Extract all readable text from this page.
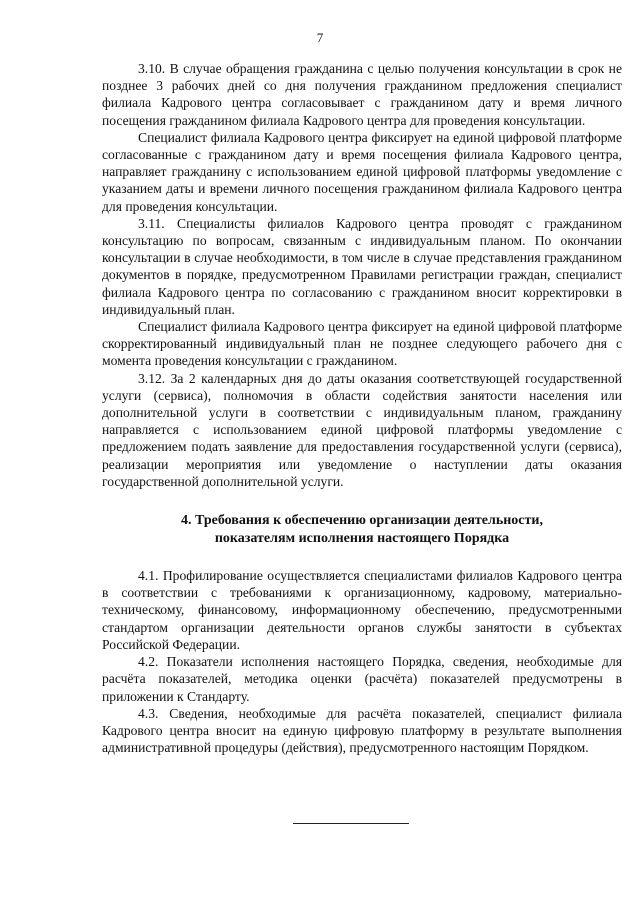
7

3.10. В случае обращения гражданина с целью получения консультации в срок не позднее 3 рабочих дней со дня получения гражданином предложения специалист филиала Кадрового центра согласовывает с гражданином дату и время личного посещения гражданином филиала Кадрового центра для проведения консультации.

Специалист филиала Кадрового центра фиксирует на единой цифровой платформе согласованные с гражданином дату и время посещения филиала Кадрового центра, направляет гражданину с использованием единой цифровой платформы уведомление с указанием даты и времени личного посещения гражданином филиала Кадрового центра для проведения консультации.

3.11. Специалисты филиалов Кадрового центра проводят с гражданином консультацию по вопросам, связанным с индивидуальным планом. По окончании консультации в случае необходимости, в том числе в случае представления гражданином документов в порядке, предусмотренном Правилами регистрации граждан, специалист филиала Кадрового центра по согласованию с гражданином вносит корректировки в индивидуальный план.

Специалист филиала Кадрового центра фиксирует на единой цифровой платформе скорректированный индивидуальный план не позднее следующего рабочего дня с момента проведения консультации с гражданином.

3.12. За 2 календарных дня до даты оказания соответствующей государственной услуги (сервиса), полномочия в области содействия занятости населения или дополнительной услуги в соответствии с индивидуальным планом, гражданину направляется с использованием единой цифровой платформы уведомление с предложением подать заявление для предоставления государственной услуги (сервиса), реализации мероприятия или уведомление о наступлении даты оказания государственной дополнительной услуги.

4. Требования к обеспечению организации деятельности,
показателям исполнения настоящего Порядка

4.1. Профилирование осуществляется специалистами филиалов Кадрового центра в соответствии с требованиями к организационному, кадровому, материально-техническому, финансовому, информационному обеспечению, предусмотренными стандартом организации деятельности органов службы занятости в субъектах Российской Федерации.

4.2. Показатели исполнения настоящего Порядка, сведения, необходимые для расчёта показателей, методика оценки (расчёта) показателей предусмотрены в приложении к Стандарту.

4.3. Сведения, необходимые для расчёта показателей, специалист филиала Кадрового центра вносит на единую цифровую платформу в результате выполнения административной процедуры (действия), предусмотренного настоящим Порядком.
